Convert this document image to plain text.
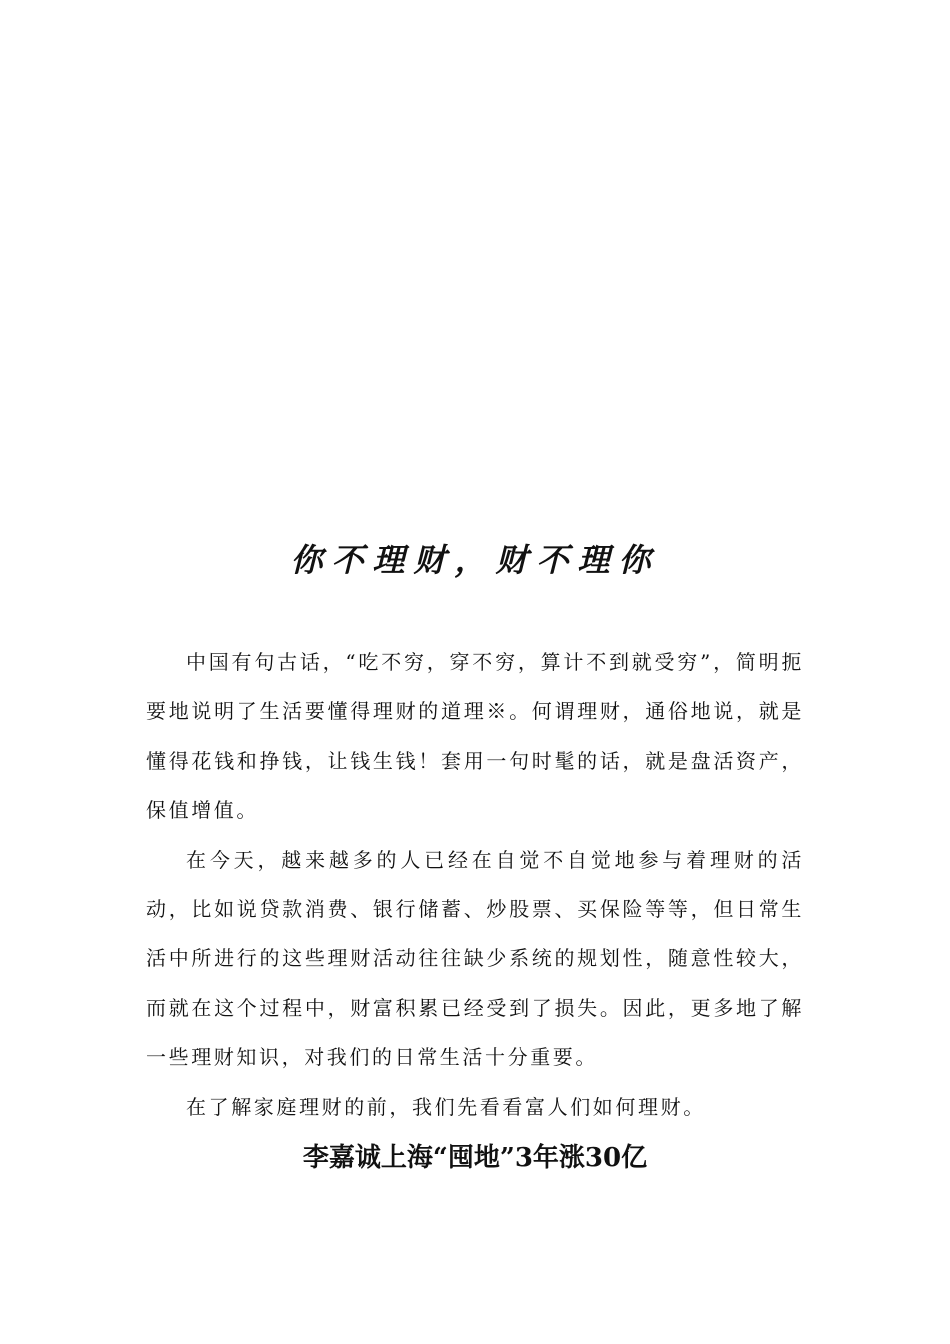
你不理财，财不理你

中国有句古话，“吃不穷，穿不穷，算计不到就受穷”，简明扼要地说明了生活要懂得理财的道理※。何谓理财，通俗地说，就是懂得花钱和挣钱，让钱生钱！套用一句时髦的话，就是盘活资产，保值增值。

在今天，越来越多的人已经在自觉不自觉地参与着理财的活动，比如说贷款消费、银行储蓄、炒股票、买保险等等，但日常生活中所进行的这些理财活动往往缺少系统的规划性，随意性较大，而就在这个过程中，财富积累已经受到了损失。因此，更多地了解一些理财知识，对我们的日常生活十分重要。

在了解家庭理财的前，我们先看看富人们如何理财。

李嘉诚上海“囤地”3年涨30亿
